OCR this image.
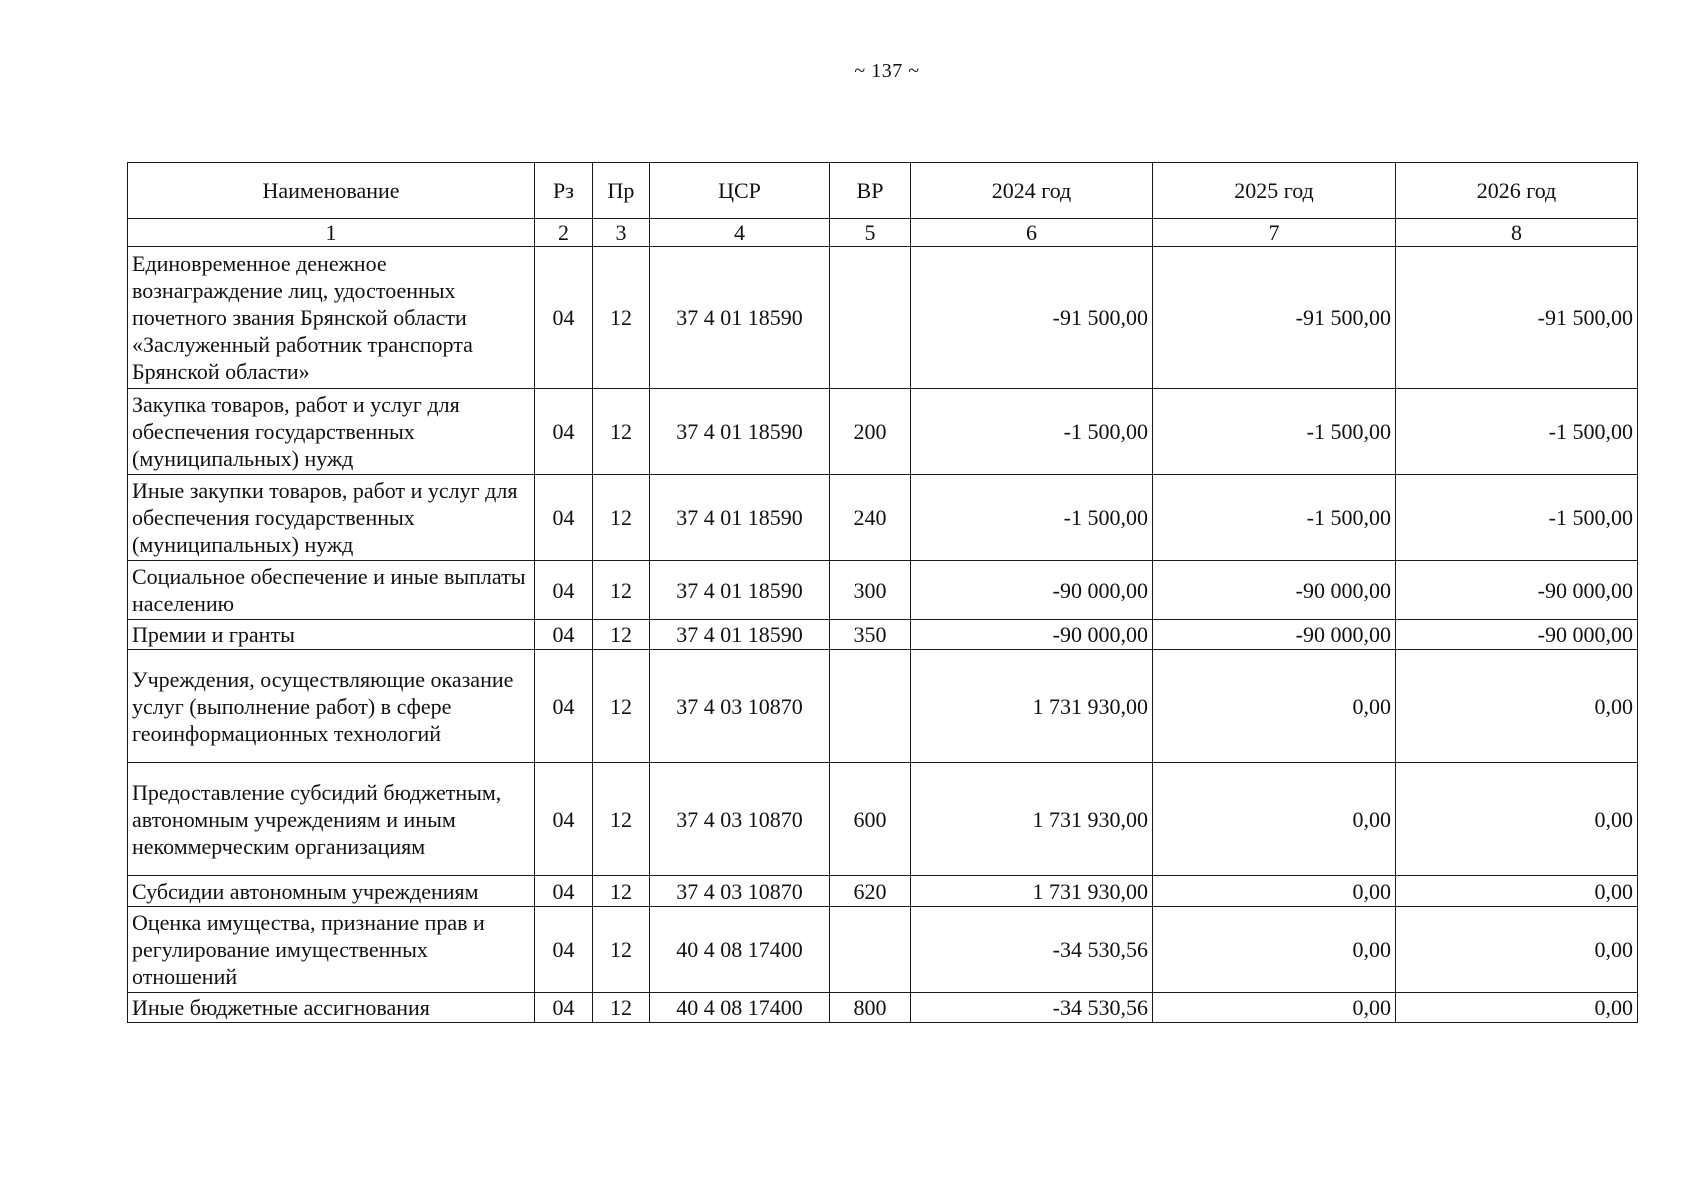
~ 137 ~
Наименование	Рз	Пр	ЦСР	ВР	2024 год	2025 год	2026 год
1	2	3	4	5	6	7	8
Единовременное денежное вознаграждение лиц, удостоенных почетного звания Брянской области «Заслуженный работник транспорта Брянской области»	04	12	37 4 01 18590		-91 500,00	-91 500,00	-91 500,00
Закупка товаров, работ и услуг для обеспечения государственных (муниципальных) нужд	04	12	37 4 01 18590	200	-1 500,00	-1 500,00	-1 500,00
Иные закупки товаров, работ и услуг для обеспечения государственных (муниципальных) нужд	04	12	37 4 01 18590	240	-1 500,00	-1 500,00	-1 500,00
Социальное обеспечение и иные выплаты населению	04	12	37 4 01 18590	300	-90 000,00	-90 000,00	-90 000,00
Премии и гранты	04	12	37 4 01 18590	350	-90 000,00	-90 000,00	-90 000,00
Учреждения, осуществляющие оказание услуг (выполнение работ) в сфере геоинформационных технологий	04	12	37 4 03 10870		1 731 930,00	0,00	0,00
Предоставление субсидий бюджетным, автономным учреждениям и иным некоммерческим организациям	04	12	37 4 03 10870	600	1 731 930,00	0,00	0,00
Субсидии автономным учреждениям	04	12	37 4 03 10870	620	1 731 930,00	0,00	0,00
Оценка имущества, признание прав и регулирование имущественных отношений	04	12	40 4 08 17400		-34 530,56	0,00	0,00
Иные бюджетные ассигнования	04	12	40 4 08 17400	800	-34 530,56	0,00	0,00
